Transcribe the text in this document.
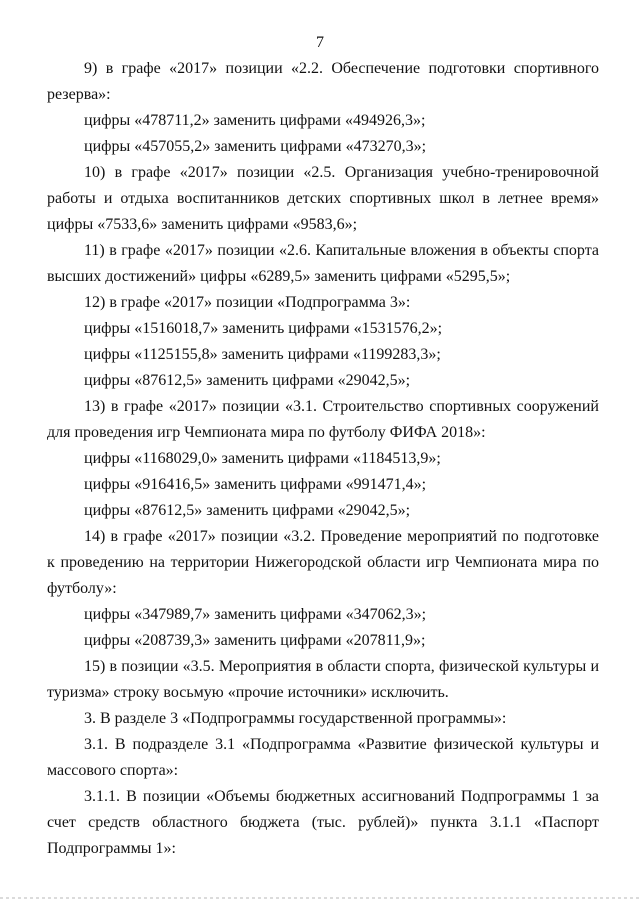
7

9) в графе «2017» позиции «2.2. Обеспечение подготовки спортивного резерва»:

цифры «478711,2» заменить цифрами «494926,3»;

цифры «457055,2» заменить цифрами «473270,3»;

10) в графе «2017» позиции «2.5. Организация учебно-тренировочной работы и отдыха воспитанников детских спортивных школ в летнее время» цифры «7533,6» заменить цифрами «9583,6»;

11) в графе «2017» позиции «2.6. Капитальные вложения в объекты спорта высших достижений» цифры «6289,5» заменить цифрами «5295,5»;

12) в графе «2017» позиции «Подпрограмма 3»:

цифры «1516018,7» заменить цифрами «1531576,2»;

цифры «1125155,8» заменить цифрами «1199283,3»;

цифры «87612,5» заменить цифрами «29042,5»;

13) в графе «2017» позиции «3.1. Строительство спортивных сооружений для проведения игр Чемпионата мира по футболу ФИФА 2018»:

цифры «1168029,0» заменить цифрами «1184513,9»;

цифры «916416,5» заменить цифрами «991471,4»;

цифры «87612,5» заменить цифрами «29042,5»;

14) в графе «2017» позиции «3.2. Проведение мероприятий по подготовке к проведению на территории Нижегородской области игр Чемпионата мира по футболу»:

цифры «347989,7» заменить цифрами «347062,3»;

цифры «208739,3» заменить цифрами «207811,9»;

15) в позиции «3.5. Мероприятия в области спорта, физической культуры и туризма» строку восьмую «прочие источники» исключить.

3. В разделе 3 «Подпрограммы государственной программы»:

3.1. В подразделе 3.1 «Подпрограмма «Развитие физической культуры и массового спорта»:

3.1.1. В позиции «Объемы бюджетных ассигнований Подпрограммы 1 за счет средств областного бюджета (тыс. рублей)» пункта 3.1.1 «Паспорт Подпрограммы 1»:
